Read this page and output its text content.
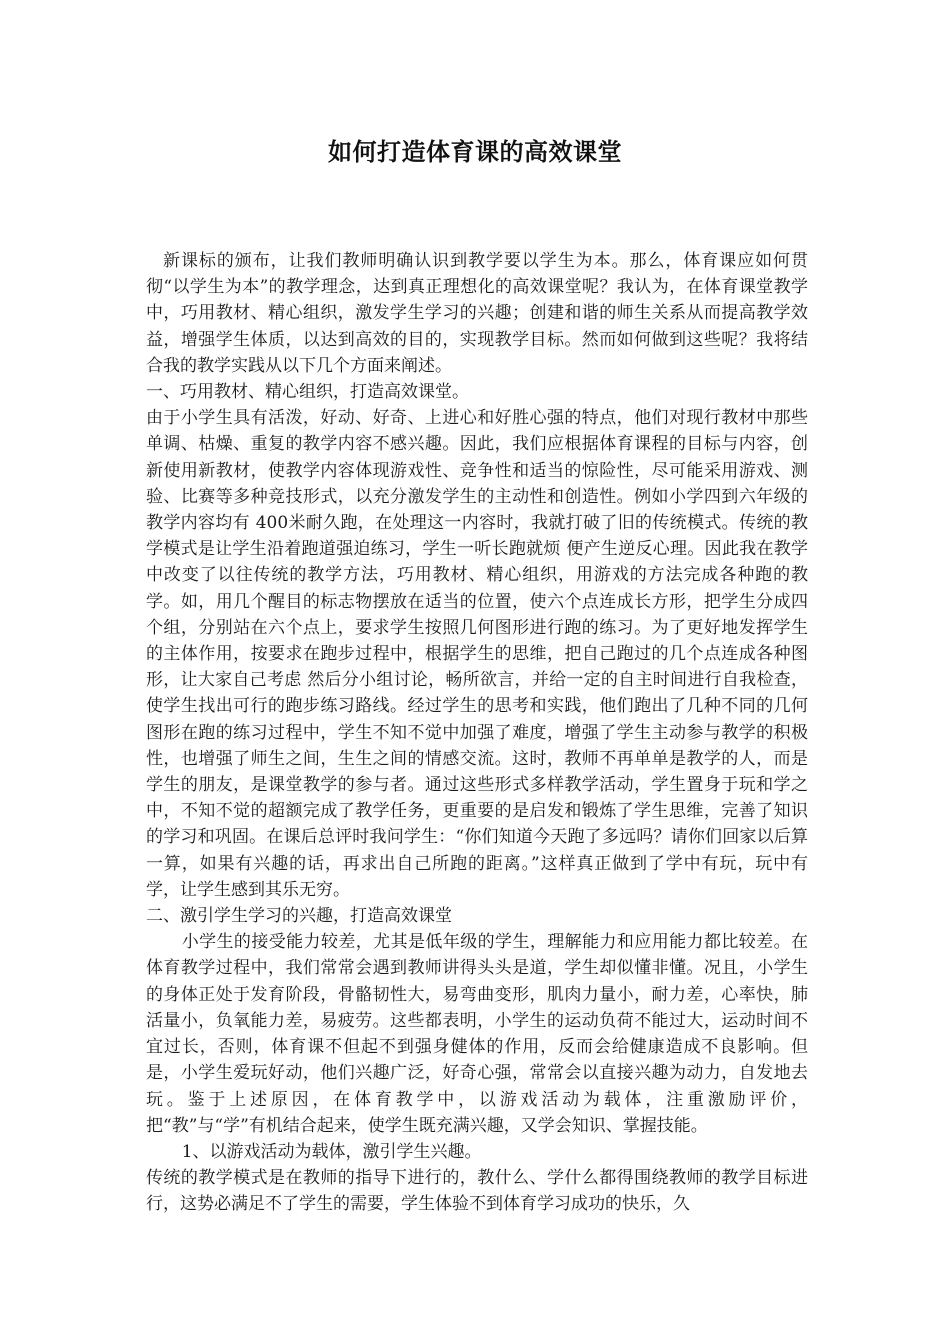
如何打造体育课的高效课堂

新课标的颁布，让我们教师明确认识到教学要以学生为本。那么，体育课应如何贯彻“以学生为本”的教学理念，达到真正理想化的高效课堂呢？我认为，在体育课堂教学中，巧用教材、精心组织，激发学生学习的兴趣；创建和谐的师生关系从而提高教学效益，增强学生体质，以达到高效的目的，实现教学目标。然而如何做到这些呢？我将结合我的教学实践从以下几个方面来阐述。

一、巧用教材、精心组织，打造高效课堂。

由于小学生具有活泼，好动、好奇、上进心和好胜心强的特点，他们对现行教材中那些单调、枯燥、重复的教学内容不感兴趣。因此，我们应根据体育课程的目标与内容，创新使用新教材，使教学内容体现游戏性、竞争性和适当的惊险性，尽可能采用游戏、测验、比赛等多种竞技形式，以充分激发学生的主动性和创造性。例如小学四到六年级的教学内容均有 400米耐久跑，在处理这一内容时，我就打破了旧的传统模式。传统的教学模式是让学生沿着跑道强迫练习，学生一听长跑就烦 便产生逆反心理。因此我在教学中改变了以往传统的教学方法，巧用教材、精心组织，用游戏的方法完成各种跑的教学。如，用几个醒目的标志物摆放在适当的位置，使六个点连成长方形，把学生分成四个组，分别站在六个点上，要求学生按照几何图形进行跑的练习。为了更好地发挥学生的主体作用，按要求在跑步过程中，根据学生的思维，把自己跑过的几个点连成各种图形，让大家自己考虑 然后分小组讨论，畅所欲言，并给一定的自主时间进行自我检查，使学生找出可行的跑步练习路线。经过学生的思考和实践，他们跑出了几种不同的几何图形在跑的练习过程中，学生不知不觉中加强了难度，增强了学生主动参与教学的积极性，也增强了师生之间，生生之间的情感交流。这时，教师不再单单是教学的人，而是学生的朋友，是课堂教学的参与者。通过这些形式多样教学活动，学生置身于玩和学之中，不知不觉的超额完成了教学任务，更重要的是启发和锻炼了学生思维，完善了知识的学习和巩固。在课后总评时我问学生：“你们知道今天跑了多远吗？请你们回家以后算一算，如果有兴趣的话，再求出自己所跑的距离。”这样真正做到了学中有玩，玩中有学，让学生感到其乐无穷。

二、激引学生学习的兴趣，打造高效课堂

小学生的接受能力较差，尤其是低年级的学生，理解能力和应用能力都比较差。在体育教学过程中，我们常常会遇到教师讲得头头是道，学生却似懂非懂。况且，小学生的身体正处于发育阶段，骨骼韧性大，易弯曲变形，肌肉力量小，耐力差，心率快，肺活量小，负氧能力差，易疲劳。这些都表明，小学生的运动负荷不能过大，运动时间不宜过长，否则，体育课不但起不到强身健体的作用，反而会给健康造成不良影响。但是，小学生爱玩好动，他们兴趣广泛，好奇心强，常常会以直接兴趣为动力，自发地去玩。鉴于上述原因，在体育教学中，以游戏活动为载体，注重激励评价，把“教”与“学”有机结合起来，使学生既充满兴趣，又学会知识、掌握技能。

1、以游戏活动为载体，激引学生兴趣。

传统的教学模式是在教师的指导下进行的，教什么、学什么都得围绕教师的教学目标进行，这势必满足不了学生的需要，学生体验不到体育学习成功的快乐，久
